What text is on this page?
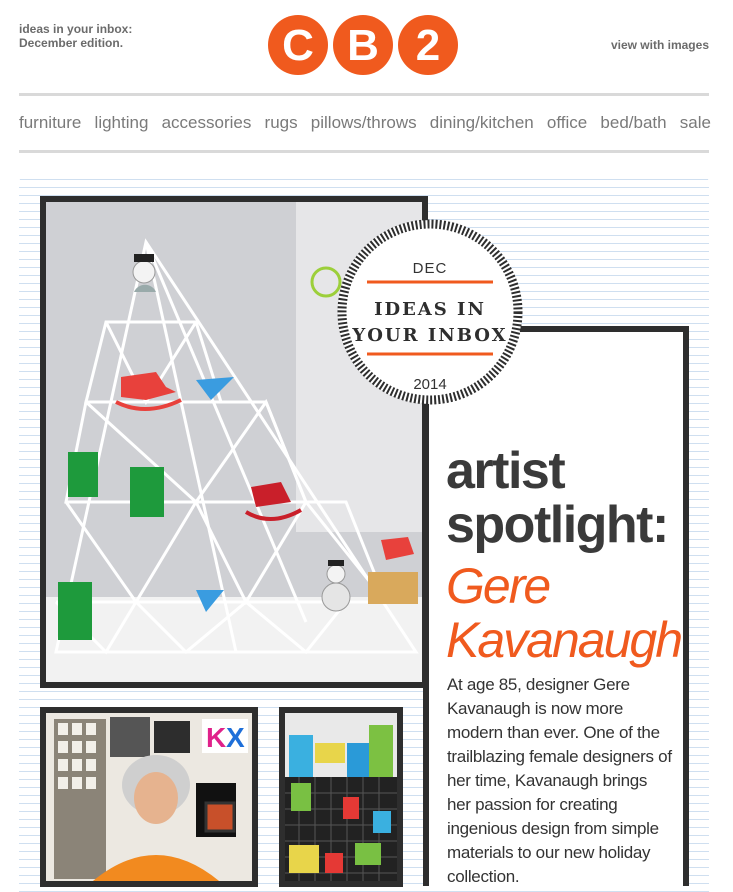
ideas in your inbox:
December edition.	C B 2	view with images
furniture lighting accessories rugs pillows/throws dining/kitchen office bed/bath sale
artist
spotlight:
Gere
Kavanaugh
At age 85, designer Gere Kavanaugh is now more modern than ever. One of the trailblazing female designers of her time, Kavanaugh brings her passion for creating ingenious design from simple materials to our new holiday collection.
DEC
IDEAS IN
YOUR INBOX
2014
K X
